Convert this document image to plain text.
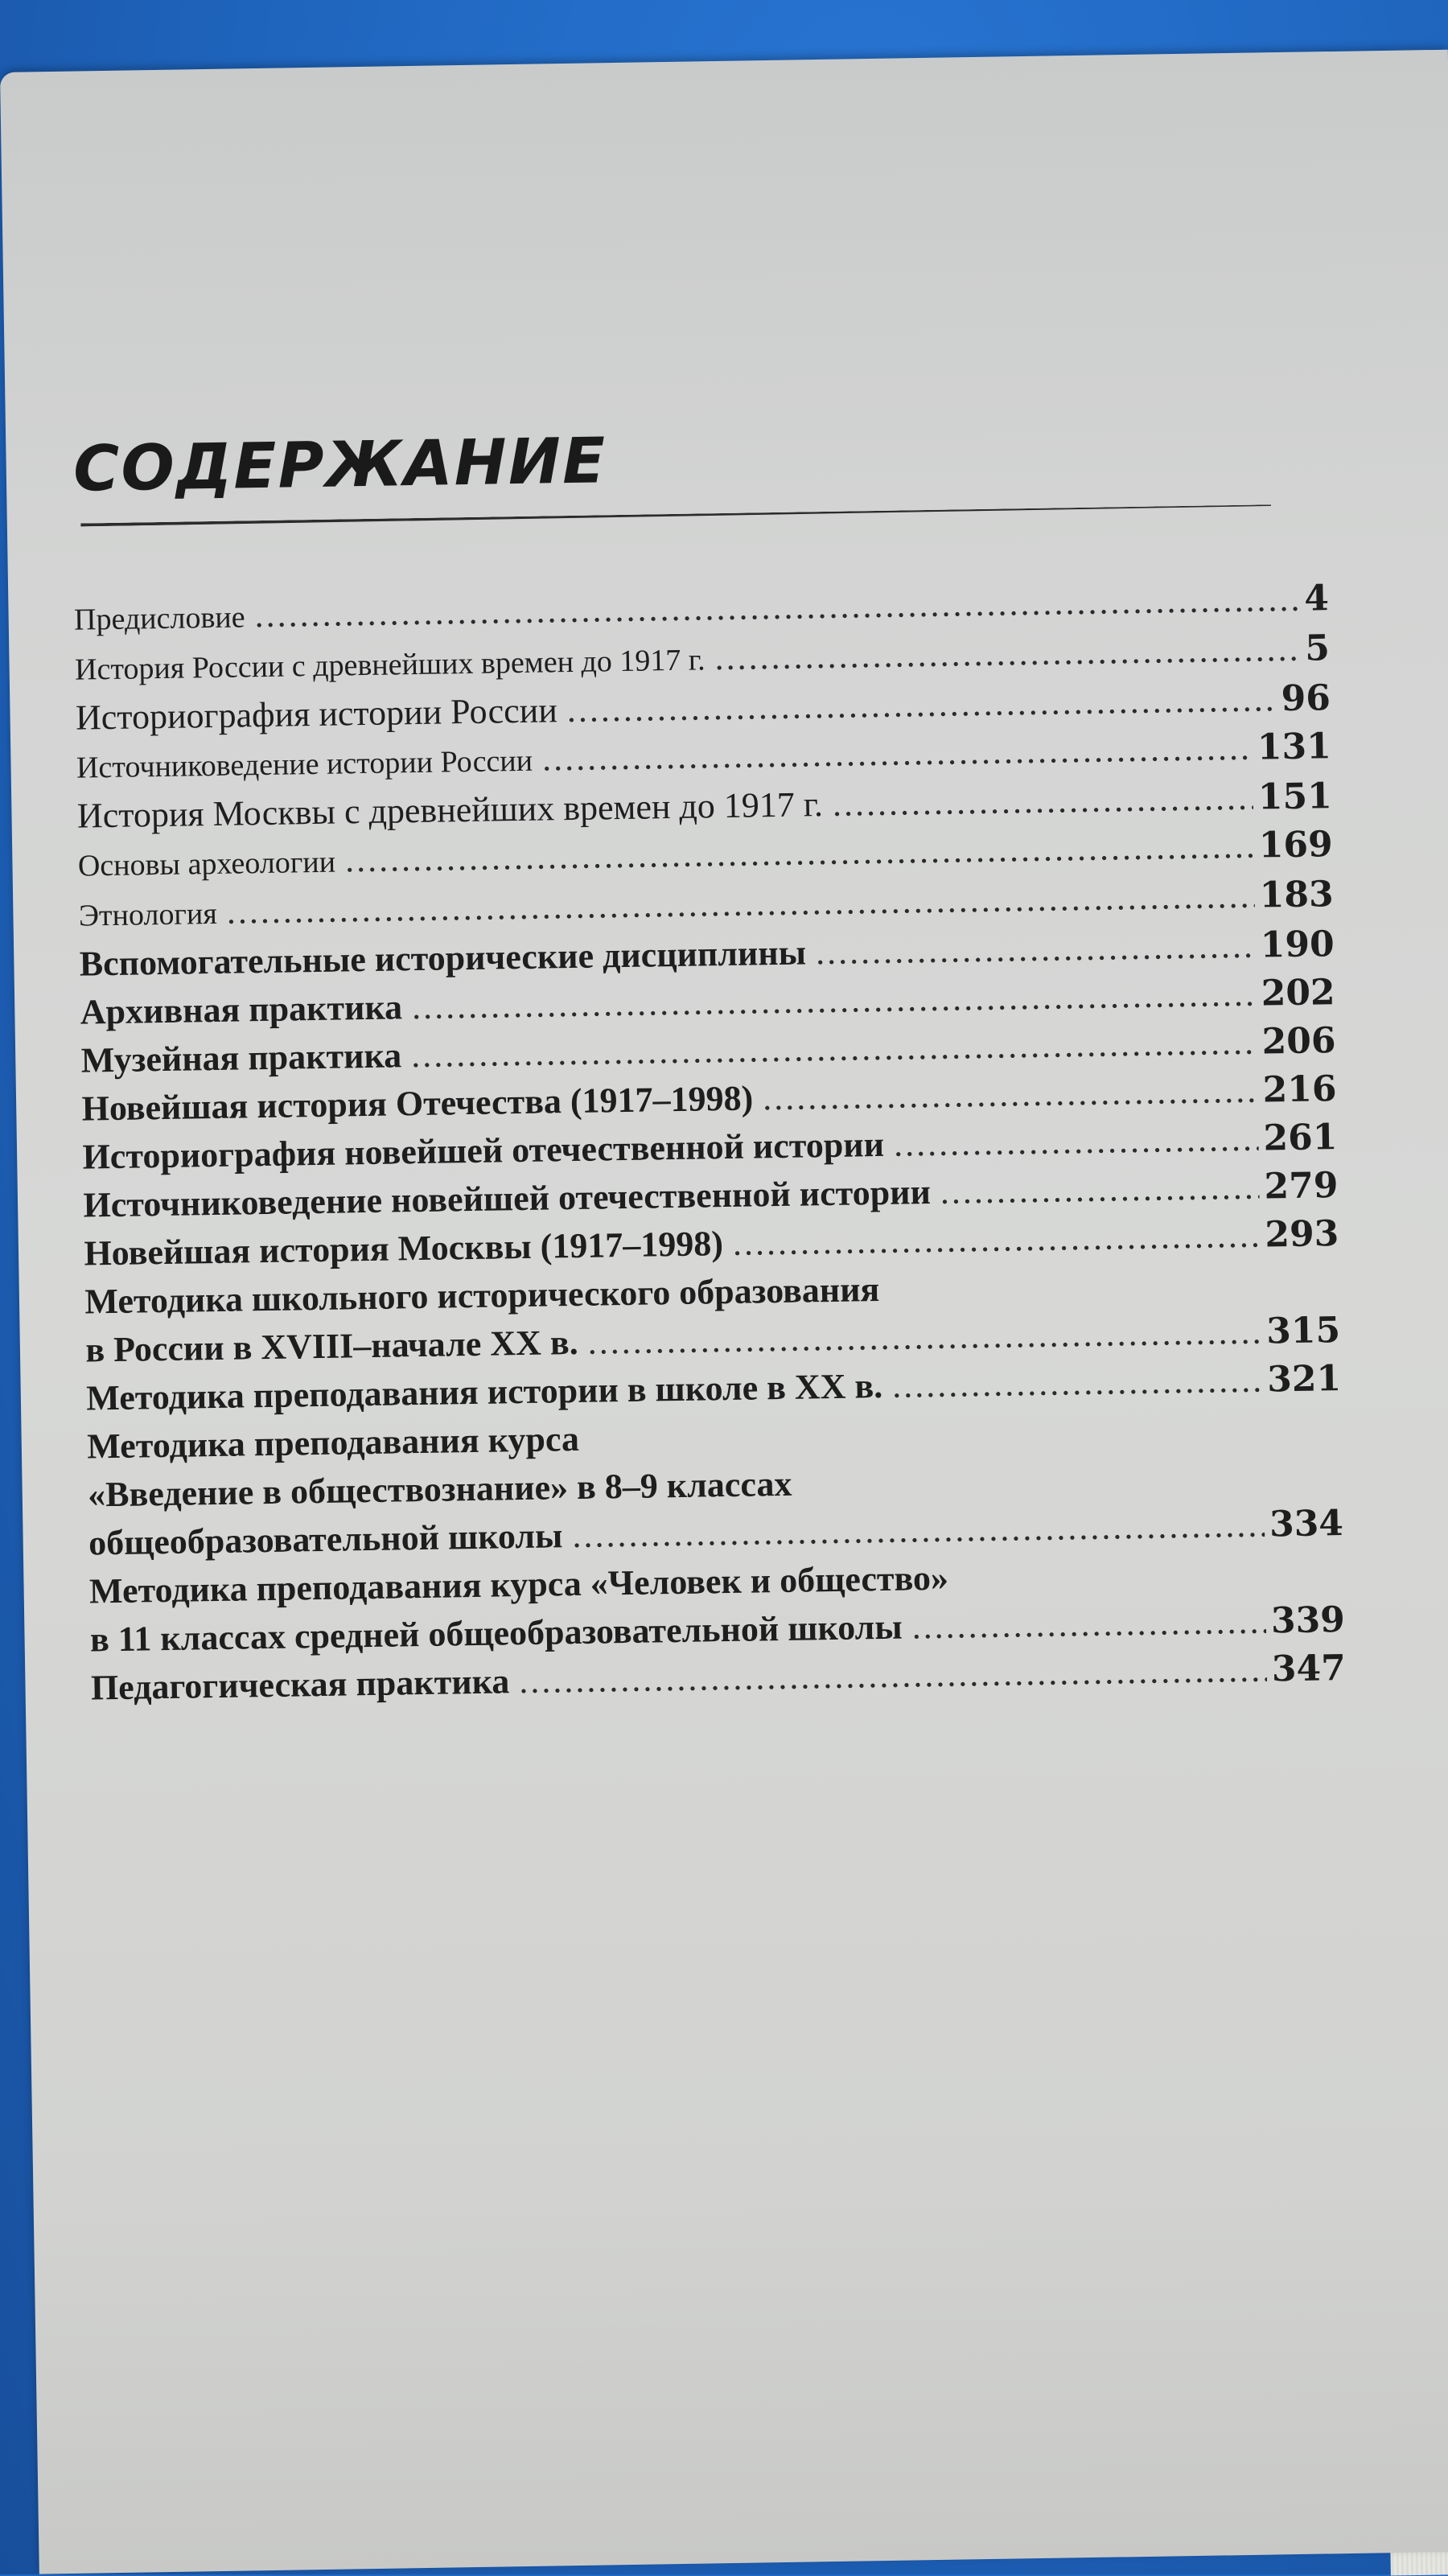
СОДЕРЖАНИЕ
Предисловие .....	4
История России с древнейших времен до 1917 г. .....	5
Историография истории России .....	96
Источниковедение истории России .....	131
История Москвы с древнейших времен до 1917 г. .....	151
Основы археологии .....	169
Этнология .....	183
Вспомогательные исторические дисциплины .....	190
Архивная практика .....	202
Музейная практика .....	206
Новейшая история Отечества (1917–1998) .....	216
Историография новейшей отечественной истории .....	261
Источниковедение новейшей отечественной истории .....	279
Новейшая история Москвы (1917–1998) .....	293
Методика школьного исторического образования
в России в XVIII–начале XX в. .....	315
Методика преподавания истории в школе в XX в. .....	321
Методика преподавания курса
«Введение в обществознание» в 8–9 классах
общеобразовательной школы .....	334
Методика преподавания курса «Человек и общество»
в 11 классах средней общеобразовательной школы .....	339
Педагогическая практика .....	347
